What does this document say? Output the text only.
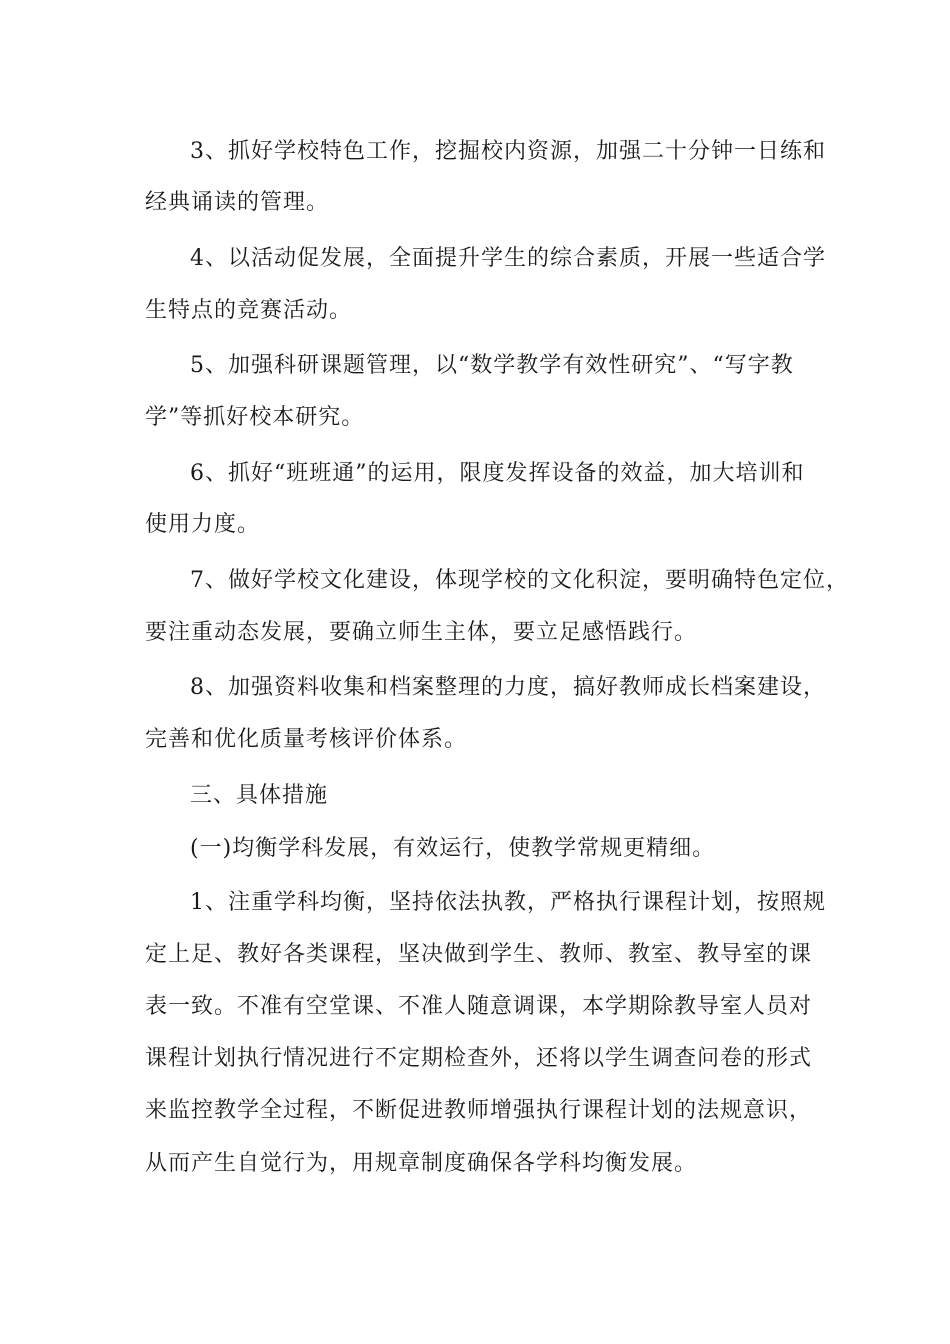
3、抓好学校特色工作，挖掘校内资源，加强二十分钟一日练和
经典诵读的管理。
4、以活动促发展，全面提升学生的综合素质，开展一些适合学
生特点的竞赛活动。
5、加强科研课题管理，以“数学教学有效性研究”、“写字教
学”等抓好校本研究。
6、抓好“班班通”的运用，限度发挥设备的效益，加大培训和
使用力度。
7、做好学校文化建设，体现学校的文化积淀，要明确特色定位，
要注重动态发展，要确立师生主体，要立足感悟践行。
8、加强资料收集和档案整理的力度，搞好教师成长档案建设，
完善和优化质量考核评价体系。
三、具体措施
(一)均衡学科发展，有效运行，使教学常规更精细。
1、注重学科均衡，坚持依法执教，严格执行课程计划，按照规
定上足、教好各类课程，坚决做到学生、教师、教室、教导室的课
表一致。不准有空堂课、不准人随意调课，本学期除教导室人员对
课程计划执行情况进行不定期检查外，还将以学生调查问卷的形式
来监控教学全过程，不断促进教师增强执行课程计划的法规意识，
从而产生自觉行为，用规章制度确保各学科均衡发展。
